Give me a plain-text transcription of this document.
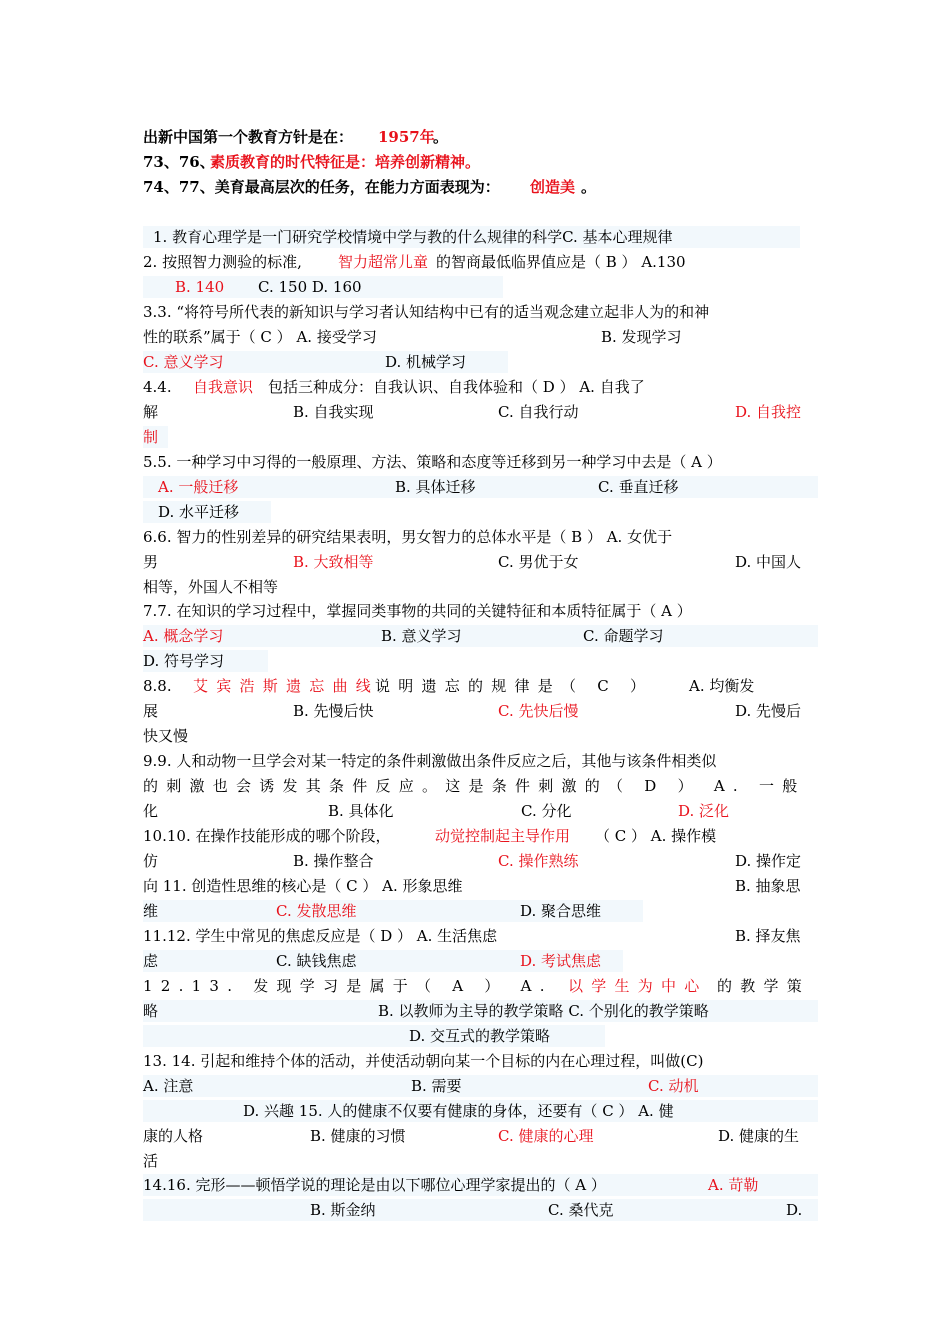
出新中国第一个教育方针是在： 1957年
。
73、76、
素质教育的时代特征是：培养创新精神。
74、77、美育最高层次的任务，在能力方面表现为： 创造美 。
1. 教育心理学是一门研究学校情境中学与教的什么规律的科学C. 基本心理规律
2. 按照智力测验的标准, 智力超常儿童 的智商最低临界值应是（ B ） A.130
B. 140 C. 150 D. 160
3.3. “将符号所代表的新知识与学习者认知结构中已有的适当观念建立起非人为的和神
性的联系”属于（ C ） A. 接受学习	B. 发现学习
C. 意义学习	D. 机械学习
4.4. 自我意识 包括三种成分：自我认识、自我体验和（ D ） A. 自我了
解	B. 自我实现	C. 自我行动	D. 自我控
制
5.5. 一种学习中习得的一般原理、方法、策略和态度等迁移到另一种学习中去是（ A ）
A. 一般迁移	B. 具体迁移	C. 垂直迁移
D. 水平迁移
6.6. 智力的性别差异的研究结果表明，男女智力的总体水平是（ B ） A. 女优于
男	B. 大致相等	C. 男优于女	D. 中国人
相等，外国人不相等
7.7. 在知识的学习过程中，掌握同类事物的共同的关键特征和本质特征属于（ A ）
A. 概念学习	B. 意义学习	C. 命题学习
D. 符号学习
8.8. 艾宾浩斯遗忘曲线
说明遗忘的规律是（ C ） A. 均衡发
展	B. 先慢后快	C. 先快后慢	D. 先慢后
快又慢
9.9. 人和动物一旦学会对某一特定的条件刺激做出条件反应之后，其他与该条件相类似
的刺激也会诱发其条件反应。这是条件刺激的（ D ） A. 一般
化	B. 具体化	C. 分化	D. 泛化
10.10. 在操作技能形成的哪个阶段，	动觉控制起主导作用 （ C ） A. 操作模
仿	B. 操作整合	C. 操作熟练	D. 操作定
向 11. 创造性思维的核心是（ C ） A. 形象思维	B. 抽象思
维	C. 发散思维	D. 聚合思维
11.12. 学生中常见的焦虑反应是（ D ） A. 生活焦虑	B. 择友焦
虑	C. 缺钱焦虑	D. 考试焦虑
12.13. 发现学习是属于（ A ） A. 以学生为中心 的教学策
略	B. 以教师为主导的教学策略 C. 个别化的教学策略
D. 交互式的教学策略
13. 14. 引起和维持个体的活动，并使活动朝向某一个目标的内在心理过程，叫做(C)
A. 注意	B. 需要	C. 动机
D. 兴趣 15. 人的健康不仅要有健康的身体，还要有（ C ） A. 健
康的人格	B. 健康的习惯	C. 健康的心理	D. 健康的生
活
14.16. 完形——顿悟学说的理论是由以下哪位心理学家提出的（ A ）	A. 苛勒
B. 斯金纳	C. 桑代克	D.
